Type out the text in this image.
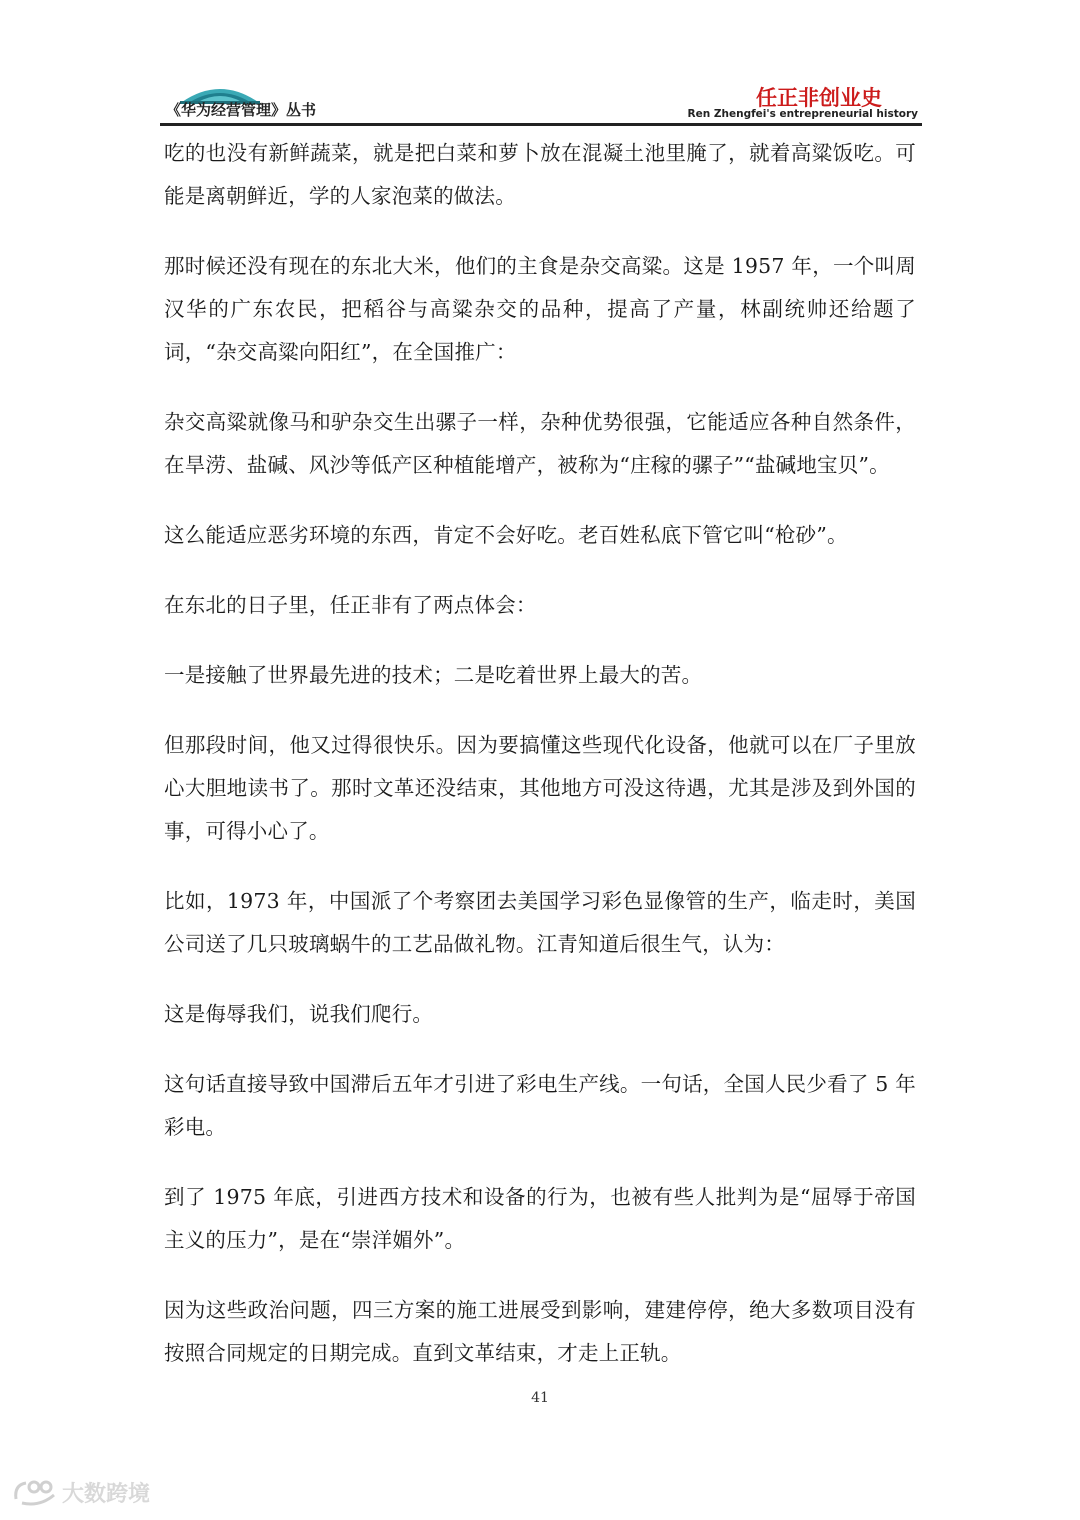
《华为经营管理》丛书	任正非创业史
Ren Zhengfei's entrepreneurial history

吃的也没有新鲜蔬菜，就是把白菜和萝卜放在混凝土池里腌了，就着高粱饭吃。可能是离朝鲜近，学的人家泡菜的做法。

那时候还没有现在的东北大米，他们的主食是杂交高粱。这是 1957 年，一个叫周汉华的广东农民，把稻谷与高粱杂交的品种，提高了产量，林副统帅还给题了词，“杂交高粱向阳红”，在全国推广：

杂交高粱就像马和驴杂交生出骡子一样，杂种优势很强，它能适应各种自然条件，在旱涝、盐碱、风沙等低产区种植能增产，被称为“庄稼的骡子”“盐碱地宝贝”。

这么能适应恶劣环境的东西，肯定不会好吃。老百姓私底下管它叫“枪砂”。

在东北的日子里，任正非有了两点体会：

一是接触了世界最先进的技术；二是吃着世界上最大的苦。

但那段时间，他又过得很快乐。因为要搞懂这些现代化设备，他就可以在厂子里放心大胆地读书了。那时文革还没结束，其他地方可没这待遇，尤其是涉及到外国的事，可得小心了。

比如，1973 年，中国派了个考察团去美国学习彩色显像管的生产，临走时，美国公司送了几只玻璃蜗牛的工艺品做礼物。江青知道后很生气，认为：

这是侮辱我们，说我们爬行。

这句话直接导致中国滞后五年才引进了彩电生产线。一句话，全国人民少看了 5 年彩电。

到了 1975 年底，引进西方技术和设备的行为，也被有些人批判为是“屈辱于帝国主义的压力”，是在“崇洋媚外”。

因为这些政治问题，四三方案的施工进展受到影响，建建停停，绝大多数项目没有按照合同规定的日期完成。直到文革结束，才走上正轨。

41
大数跨境
